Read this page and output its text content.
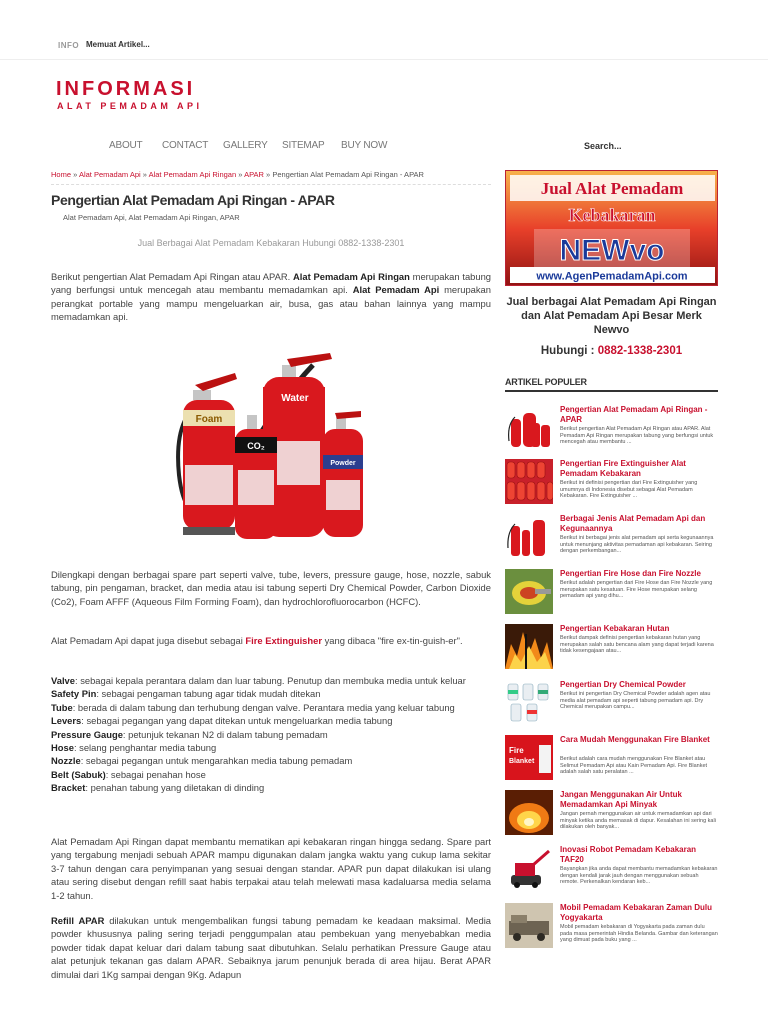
INFO Memuat Artikel...
INFORMASI
ALAT PEMADAM API
ABOUT CONTACT GALLERY SITEMAP BUY NOW	Search...
Home » Alat Pemadam Api » Alat Pemadam Api Ringan » APAR » Pengertian Alat Pemadam Api Ringan - APAR
Pengertian Alat Pemadam Api Ringan - APAR
Alat Pemadam Api, Alat Pemadam Api Ringan, APAR
Jual Berbagai Alat Pemadam Kebakaran Hubungi 0882-1338-2301

Berikut pengertian Alat Pemadam Api Ringan atau APAR. Alat Pemadam Api Ringan merupakan tabung yang berfungsi untuk mencegah atau membantu memadamkan api. Alat Pemadam Api merupakan perangkat portable yang mampu mengeluarkan air, busa, gas atau bahan lainnya yang mampu memadamkan api.

Foam
Water
CO₂
Powder

Dilengkapi dengan berbagai spare part seperti valve, tube, levers, pressure gauge, hose, nozzle, sabuk tabung, pin pengaman, bracket, dan media atau isi tabung seperti Dry Chemical Powder, Carbon Dioxide (Co2), Foam AFFF (Aqueous Film Forming Foam), dan hydrochlorofluorocarbon (HCFC).

Alat Pemadam Api dapat juga disebut sebagai Fire Extinguisher yang dibaca "fire ex-tin-guish-er".

Valve: sebagai kepala perantara dalam dan luar tabung. Penutup dan membuka media untuk keluar
Safety Pin: sebagai pengaman tabung agar tidak mudah ditekan
Tube: berada di dalam tabung dan terhubung dengan valve. Perantara media yang keluar tabung
Levers: sebagai pegangan yang dapat ditekan untuk mengeluarkan media tabung
Pressure Gauge: petunjuk tekanan N2 di dalam tabung pemadam
Hose: selang penghantar media tabung
Nozzle: sebagai pegangan untuk mengarahkan media tabung pemadam
Belt (Sabuk): sebagai penahan hose
Bracket: penahan tabung yang diletakan di dinding

Alat Pemadam Api Ringan dapat membantu mematikan api kebakaran ringan hingga sedang. Spare part yang tergabung menjadi sebuah APAR mampu digunakan dalam jangka waktu yang cukup lama sekitar 3-7 tahun dengan cara penyimpanan yang sesuai dengan standar. APAR pun dapat dilakukan isi ulang atau sering disebut dengan refill saat habis terpakai atau telah melewati masa kadaluarsa media selama 1-2 tahun.

Refill APAR dilakukan untuk mengembalikan fungsi tabung pemadam ke keadaan maksimal. Media powder khususnya paling sering terjadi penggumpalan atau pembekuan yang menyebabkan media powder tidak dapat keluar dari dalam tabung saat dibutuhkan. Selalu perhatikan Pressure Gauge atau alat petunjuk tekanan gas dalam APAR. Sebaiknya jarum penunjuk berada di area hijau. Berat APAR dimulai dari 1Kg sampai dengan 9Kg. Adapun

Jual Alat Pemadam
Kebakaran
NEWvo
www.AgenPemadamApi.com
Jual berbagai Alat Pemadam Api Ringan dan Alat Pemadam Api Besar Merk Newvo
Hubungi : 0882-1338-2301
ARTIKEL POPULER
Pengertian Alat Pemadam Api Ringan - APAR
Berikut pengertian Alat Pemadam Api Ringan atau APAR. Alat Pemadam Api Ringan merupakan tabung yang berfungsi untuk mencegah atau membantu ...
Pengertian Fire Extinguisher Alat Pemadam Kebakaran
Berikut ini definisi pengertian dari Fire Extinguisher yang umumnya di Indonesia disebut sebagai Alat Pemadam Kebakaran. Fire Extinguisher ...
Berbagai Jenis Alat Pemadam Api dan Kegunaannya
Berikut ini berbagai jenis alat pemadam api serta kegunaannya untuk menunjang aktivitas pemadaman api kebakaran. Seiring dengan perkembangan...
Pengertian Fire Hose dan Fire Nozzle
Berikut adalah pengertian dari Fire Hose dan Fire Nozzle yang merupakan satu kesatuan. Fire Hose merupakan selang pemadam api yang dihu...
Pengertian Kebakaran Hutan
Berikut dampak definisi pengertian kebakaran hutan yang merupakan salah satu bencana alam yang dapat terjadi karena tidak kesengajaan atau...
Pengertian Dry Chemical Powder
Berikut ini pengertian Dry Chemical Powder adalah agen atau media alat pemadam api seperti tabung pemadam api. Dry Chemical merupakan campu...
Fire
Blanket
Cara Mudah Menggunakan Fire Blanket
Berikut adalah cara mudah menggunakan Fire Blanket atau Selimut Pemadam Api atau Kain Pemadam Api. Fire Blanket adalah salah satu peralatan ...
Jangan Menggunakan Air Untuk Memadamkan Api Minyak
Jangan pernah menggunakan air untuk memadamkan api dari minyak ketika anda memasak di dapur. Kesalahan ini sering kali dilakukan oleh banyak...
Inovasi Robot Pemadam Kebakaran TAF20
Bayangkan jika anda dapat membantu memadamkan kebakaran dengan kendali jarak jauh dengan menggunakan sebuah remote. Perkenalkan kendaran keb...
Mobil Pemadam Kebakaran Zaman Dulu Yogyakarta
Mobil pemadam kebakaran di Yogyakarta pada zaman dulu pada masa pemerintah Hindia Belanda. Gambar dan keterangan yang dimuat pada buku yang ...
